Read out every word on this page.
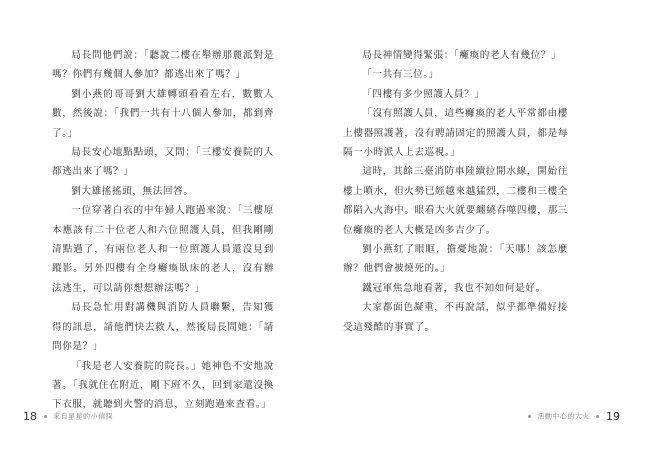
局長問他們說：「聽說二樓在舉辦那麗派對是嗎？你們有幾個人參加？都逃出來了嗎？」

劉小燕的哥哥劉大雄轉頭看看左右，數數人數，然後說：「我們一共有十八個人參加，都到齊了。」

局長安心地點點頭，又問：「三樓安養院的人都逃出來了嗎？」

劉大雄搖搖頭，無法回答。

一位穿著白衣的中年婦人跑過來說：「三樓原本應該有二十位老人和六位照護人員，但我剛剛清點過了，有兩位老人和一位照護人員還沒見到蹤影。另外四樓有全身癱瘓臥床的老人，沒有辦法逃生，可以請你想想辦法嗎？」

局長急忙用對講機與消防人員聯繫，告知獲得的訊息，請他們快去救人，然後局長問她：「請問你是？」

「我是老人安養院的院長。」她神色不安地說著。「我就住在附近，剛下班不久，回到家還沒換下衣服，就聽到火警的消息，立刻跑過來查看。」

18 來自星星的小偵探

局長神情變得緊張：「癱瘓的老人有幾位？」

「一共有三位。」

「四樓有多少照護人員？」

「沒有照護人員，這些癱瘓的老人平常都由樓上樓器照護著，沒有聘請固定的照護人員，都是每隔一小時派人上去巡視。」

這時，其餘三臺消防車陸續拉開水線，開始往樓上噴水，但火勢已經越來越猛烈，二樓和三樓全都陷入火海中。眼看大火就要纏繞吞噬四樓，那三位癱瘓的老人大概是凶多吉少了。

劉小燕紅了眼眶，擔憂地說：「天哪！該怎麼辦？他們會被燒死的。」

鐵冠軍焦急地看著，我也不知如何是好。

大家都面色凝重，不再說話，似乎都準備好接受這殘酷的事實了。

活動中心的大火 19
